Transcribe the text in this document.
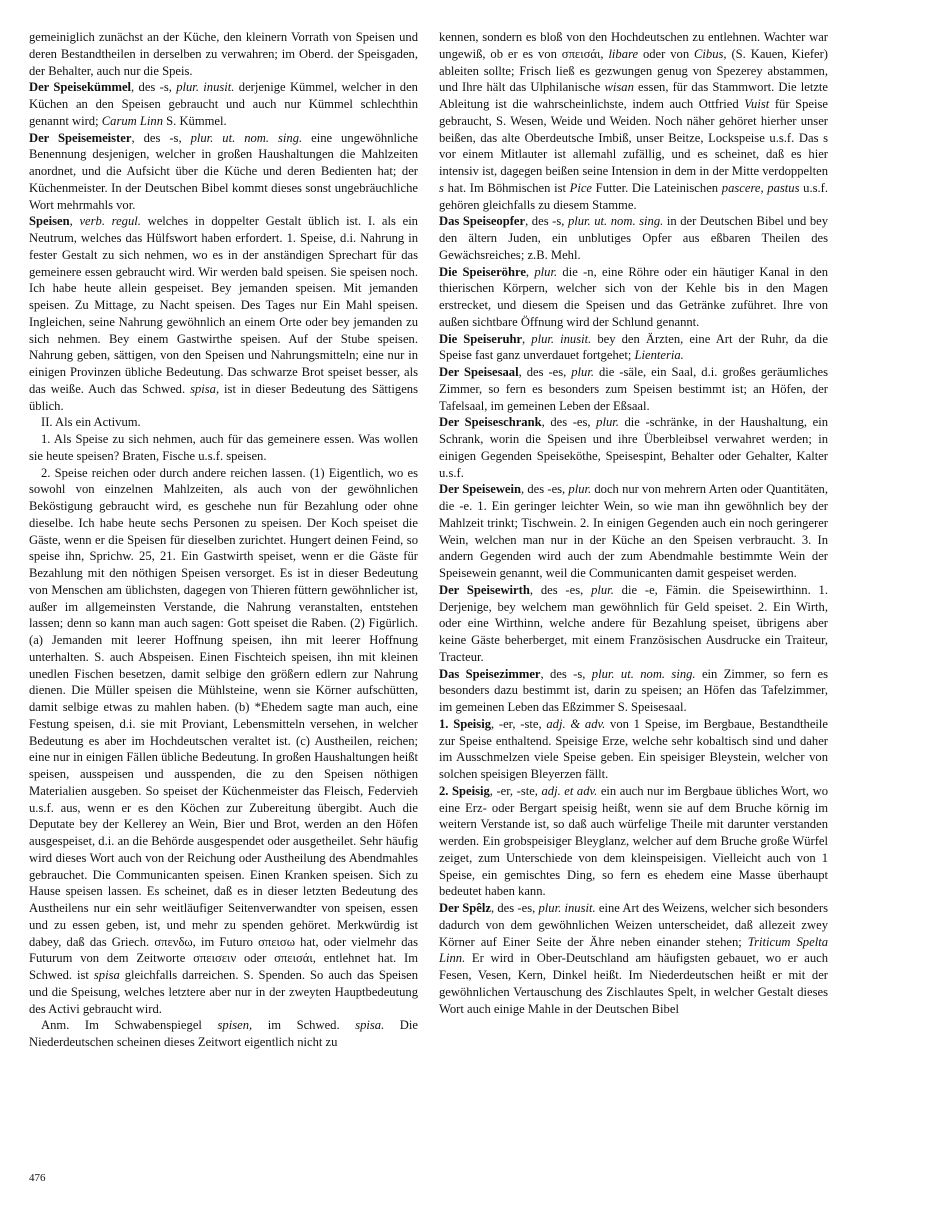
gemeiniglich zunächst an der Küche, den kleinern Vorrath von Speisen und deren Bestandtheilen in derselben zu verwahren; im Oberd. der Speisgaden, der Behalter, auch nur die Speis.

Der Speisekümmel, des -s, plur. inusit. derjenige Kümmel, welcher in den Küchen an den Speisen gebraucht und auch nur Kümmel schlechthin genannt wird; Carum Linn S. Kümmel.

Der Speisemeister, des -s, plur. ut. nom. sing. eine ungewöhnliche Benennung desjenigen, welcher in großen Haushaltungen die Mahlzeiten anordnet, und die Aufsicht über die Küche und deren Bedienten hat; der Küchenmeister. In der Deutschen Bibel kommt dieses sonst ungebräuchliche Wort mehrmahls vor.

Speisen, verb. regul. welches in doppelter Gestalt üblich ist. I. als ein Neutrum, welches das Hülfswort haben erfordert. 1. Speise, d.i. Nahrung in fester Gestalt zu sich nehmen, wo es in der anständigen Sprechart für das gemeinere essen gebraucht wird. Wir werden bald speisen. Sie speisen noch. Ich habe heute allein gespeiset. Bey jemanden speisen. Mit jemanden speisen. Zu Mittage, zu Nacht speisen. Des Tages nur Ein Mahl speisen. Ingleichen, seine Nahrung gewöhnlich an einem Orte oder bey jemanden zu sich nehmen. Bey einem Gastwirthe speisen. Auf der Stube speisen. Nahrung geben, sättigen, von den Speisen und Nahrungsmitteln; eine nur in einigen Provinzen übliche Bedeutung. Das schwarze Brot speiset besser, als das weiße. Auch das Schwed. spisa, ist in dieser Bedeutung des Sättigens üblich.

II. Als ein Activum.

1. Als Speise zu sich nehmen, auch für das gemeinere essen. Was wollen sie heute speisen? Braten, Fische u.s.f. speisen.

2. Speise reichen oder durch andere reichen lassen. (1) Eigentlich, wo es sowohl von einzelnen Mahlzeiten, als auch von der gewöhnlichen Beköstigung gebraucht wird, es geschehe nun für Bezahlung oder ohne dieselbe. Ich habe heute sechs Personen zu speisen. Der Koch speiset die Gäste, wenn er die Speisen für dieselben zurichtet. Hungert deinen Feind, so speise ihn, Sprichw. 25, 21. Ein Gastwirth speiset, wenn er die Gäste für Bezahlung mit den nöthigen Speisen versorget. Es ist in dieser Bedeutung von Menschen am üblichsten, dagegen von Thieren füttern gewöhnlicher ist, außer im allgemeinsten Verstande, die Nahrung veranstalten, entstehen lassen; denn so kann man auch sagen: Gott speiset die Raben. (2) Figürlich. (a) Jemanden mit leerer Hoffnung speisen, ihn mit leerer Hoffnung unterhalten. S. auch Abspeisen. Einen Fischteich speisen, ihn mit kleinen unedlen Fischen besetzen, damit selbige den größern edlern zur Nahrung dienen. Die Müller speisen die Mühlsteine, wenn sie Körner aufschütten, damit selbige etwas zu mahlen haben. (b) *Ehedem sagte man auch, eine Festung speisen, d.i. sie mit Proviant, Lebensmitteln versehen, in welcher Bedeutung es aber im Hochdeutschen veraltet ist. (c) Austheilen, reichen; eine nur in einigen Fällen übliche Bedeutung. In großen Haushaltungen heißt speisen, ausspeisen und ausspenden, die zu den Speisen nöthigen Materialien ausgeben. So speiset der Küchenmeister das Fleisch, Federvieh u.s.f. aus, wenn er es den Köchen zur Zubereitung übergibt. Auch die Deputate bey der Kellerey an Wein, Bier und Brot, werden an den Höfen ausgespeiset, d.i. an die Behörde ausgespendet oder ausgetheilet. Sehr häufig wird dieses Wort auch von der Reichung oder Austheilung des Abendmahles gebrauchet. Die Communicanten speisen. Einen Kranken speisen. Sich zu Hause speisen lassen. Es scheinet, daß es in dieser letzten Bedeutung des Austheilens nur ein sehr weitläufiger Seitenverwandter von speisen, essen und zu essen geben, ist, und mehr zu spenden gehöret. Merkwürdig ist dabey, daß das Griech. σπενδω, im Futuro σπεισω hat, oder vielmehr das Futurum von dem Zeitworte σπεισειν oder σπεισάι, entlehnet hat. Im Schwed. ist spisa gleichfalls darreichen. S. Spenden. So auch das Speisen und die Speisung, welches letztere aber nur in der zweyten Hauptbedeutung des Activi gebraucht wird.

Anm. Im Schwabenspiegel spisen, im Schwed. spisa. Die Niederdeutschen scheinen dieses Zeitwort eigentlich nicht zu

kennen, sondern es bloß von den Hochdeutschen zu entlehnen. Wachter war ungewiß, ob er es von σπεισάι, libare oder von Cibus, (S. Kauen, Kiefer) ableiten sollte; Frisch ließ es gezwungen genug von Spezerey abstammen, und Ihre hält das Ulphilanische wisan essen, für das Stammwort. Die letzte Ableitung ist die wahrscheinlichste, indem auch Ottfried Vuist für Speise gebraucht, S. Wesen, Weide und Weiden. Noch näher gehöret hierher unser beißen, das alte Oberdeutsche Imbiß, unser Beitze, Lockspeise u.s.f. Das s vor einem Mitlauter ist allemahl zufällig, und es scheinet, daß es hier intensiv ist, dagegen beißen seine Intension in dem in der Mitte verdoppelten s hat. Im Böhmischen ist Pice Futter. Die Lateinischen pascere, pastus u.s.f. gehören gleichfalls zu diesem Stamme.

Das Speiseopfer, des -s, plur. ut. nom. sing. in der Deutschen Bibel und bey den ältern Juden, ein unblutiges Opfer aus eßbaren Theilen des Gewächsreiches; z.B. Mehl.

Die Speiseröhre, plur. die -n, eine Röhre oder ein häutiger Kanal in den thierischen Körpern, welcher sich von der Kehle bis in den Magen erstrecket, und diesem die Speisen und das Getränke zuführet. Ihre von außen sichtbare Öffnung wird der Schlund genannt.

Die Speiseruhr, plur. inusit. bey den Ärzten, eine Art der Ruhr, da die Speise fast ganz unverdauet fortgehet; Lienteria.

Der Speisesaal, des -es, plur. die -säle, ein Saal, d.i. großes geräumliches Zimmer, so fern es besonders zum Speisen bestimmt ist; an Höfen, der Tafelsaal, im gemeinen Leben der Eßsaal.

Der Speiseschrank, des -es, plur. die -schränke, in der Haushaltung, ein Schrank, worin die Speisen und ihre Überbleibsel verwahret werden; in einigen Gegenden Speiseköthe, Speisespint, Behalter oder Gehalter, Kalter u.s.f.

Der Speisewein, des -es, plur. doch nur von mehrern Arten oder Quantitäten, die -e. 1. Ein geringer leichter Wein, so wie man ihn gewöhnlich bey der Mahlzeit trinkt; Tischwein. 2. In einigen Gegenden auch ein noch geringerer Wein, welchen man nur in der Küche an den Speisen verbraucht. 3. In andern Gegenden wird auch der zum Abendmahle bestimmte Wein der Speisewein genannt, weil die Communicanten damit gespeiset werden.

Der Speisewirth, des -es, plur. die -e, Fämin. die Speisewirthinn. 1. Derjenige, bey welchem man gewöhnlich für Geld speiset. 2. Ein Wirth, oder eine Wirthinn, welche andere für Bezahlung speiset, übrigens aber keine Gäste beherberget, mit einem Französischen Ausdrucke ein Traiteur, Tracteur.

Das Speisezimmer, des -s, plur. ut. nom. sing. ein Zimmer, so fern es besonders dazu bestimmt ist, darin zu speisen; an Höfen das Tafelzimmer, im gemeinen Leben das Eßzimmer S. Speisesaal.

1. Speisig, -er, -ste, adj. & adv. von 1 Speise, im Bergbaue, Bestandtheile zur Speise enthaltend. Speisige Erze, welche sehr kobaltisch sind und daher im Ausschmelzen viele Speise geben. Ein speisiger Bleystein, welcher von solchen speisigen Bleyerzen fällt.

2. Speisig, -er, -ste, adj. et adv. ein auch nur im Bergbaue übliches Wort, wo eine Erz- oder Bergart speisig heißt, wenn sie auf dem Bruche körnig im weitern Verstande ist, so daß auch würfelige Theile mit darunter verstanden werden. Ein grobspeisiger Bleyglanz, welcher auf dem Bruche große Würfel zeiget, zum Unterschiede von dem kleinspeisigen. Vielleicht auch von 1 Speise, ein gemischtes Ding, so fern es ehedem eine Masse überhaupt bedeutet haben kann.

Der Spêlz, des -es, plur. inusit. eine Art des Weizens, welcher sich besonders dadurch von dem gewöhnlichen Weizen unterscheidet, daß allezeit zwey Körner auf Einer Seite der Ähre neben einander stehen; Triticum Spelta Linn. Er wird in Ober-Deutschland am häufigsten gebauet, wo er auch Fesen, Vesen, Kern, Dinkel heißt. Im Niederdeutschen heißt er mit der gewöhnlichen Vertauschung des Zischlautes Spelt, in welcher Gestalt dieses Wort auch einige Mahle in der Deutschen Bibel

476
